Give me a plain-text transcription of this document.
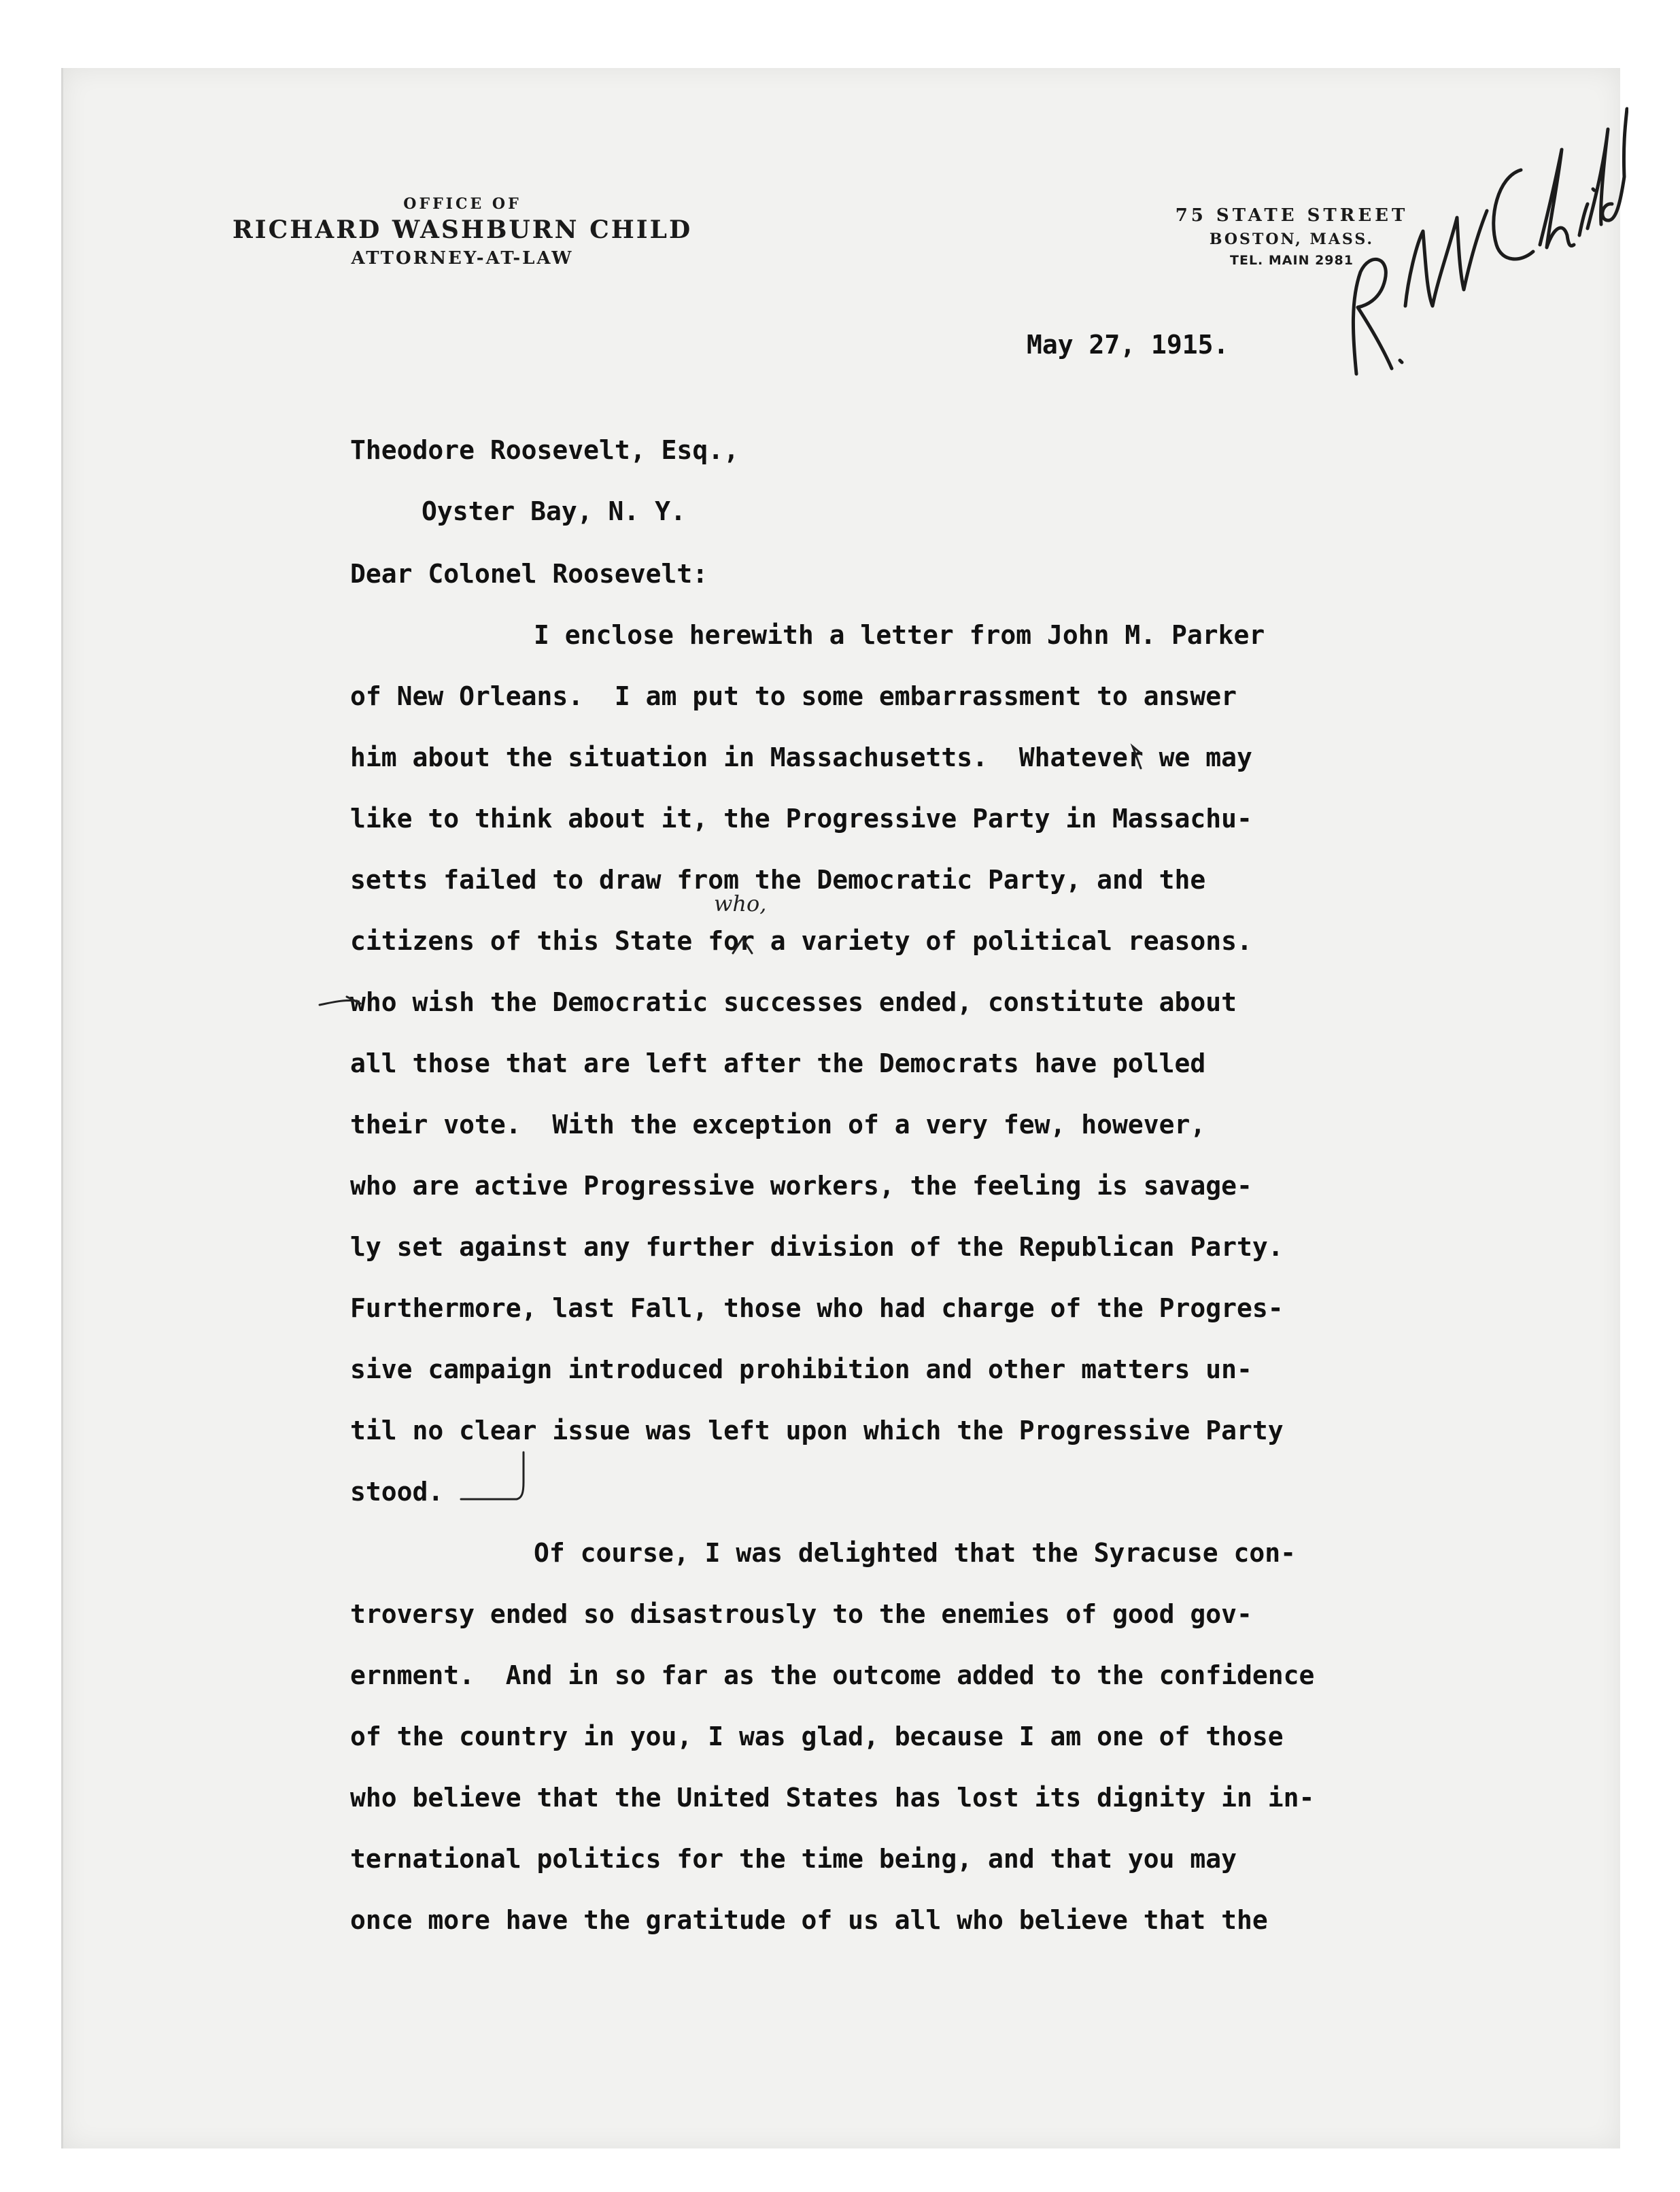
OFFICE OF
RICHARD WASHBURN CHILD
ATTORNEY-AT-LAW
75 STATE STREET
BOSTON, MASS.
TEL. MAIN 2981
May 27, 1915.
Theodore Roosevelt, Esq.,
Oyster Bay, N. Y.
Dear Colonel Roosevelt:
I enclose herewith a letter from John M. Parker
of New Orleans.  I am put to some embarrassment to answer
him about the situation in Massachusetts.  Whatever we may
like to think about it, the Progressive Party in Massachu-
setts failed to draw from the Democratic Party, and the
citizens of this State for a variety of political reasons.
who wish the Democratic successes ended, constitute about
all those that are left after the Democrats have polled
their vote.  With the exception of a very few, however,
who are active Progressive workers, the feeling is savage-
ly set against any further division of the Republican Party.
Furthermore, last Fall, those who had charge of the Progres-
sive campaign introduced prohibition and other matters un-
til no clear issue was left upon which the Progressive Party
stood.
Of course, I was delighted that the Syracuse con-
troversy ended so disastrously to the enemies of good gov-
ernment.  And in so far as the outcome added to the confidence
of the country in you, I was glad, because I am one of those
who believe that the United States has lost its dignity in in-
ternational politics for the time being, and that you may
once more have the gratitude of us all who believe that the
who,
